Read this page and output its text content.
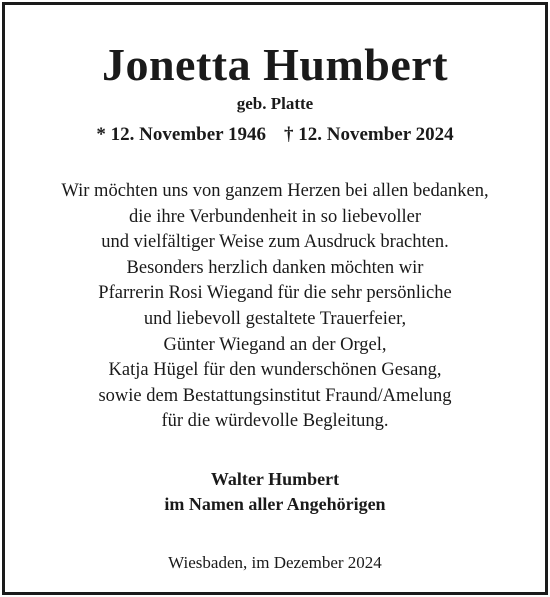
Jonetta Humbert
geb. Platte
* 12. November 1946 † 12. November 2024
Wir möchten uns von ganzem Herzen bei allen bedanken,
die ihre Verbundenheit in so liebevoller
und vielfältiger Weise zum Ausdruck brachten.
Besonders herzlich danken möchten wir
Pfarrerin Rosi Wiegand für die sehr persönliche
und liebevoll gestaltete Trauerfeier,
Günter Wiegand an der Orgel,
Katja Hügel für den wunderschönen Gesang,
sowie dem Bestattungsinstitut Fraund/Amelung
für die würdevolle Begleitung.
Walter Humbert
im Namen aller Angehörigen
Wiesbaden, im Dezember 2024
